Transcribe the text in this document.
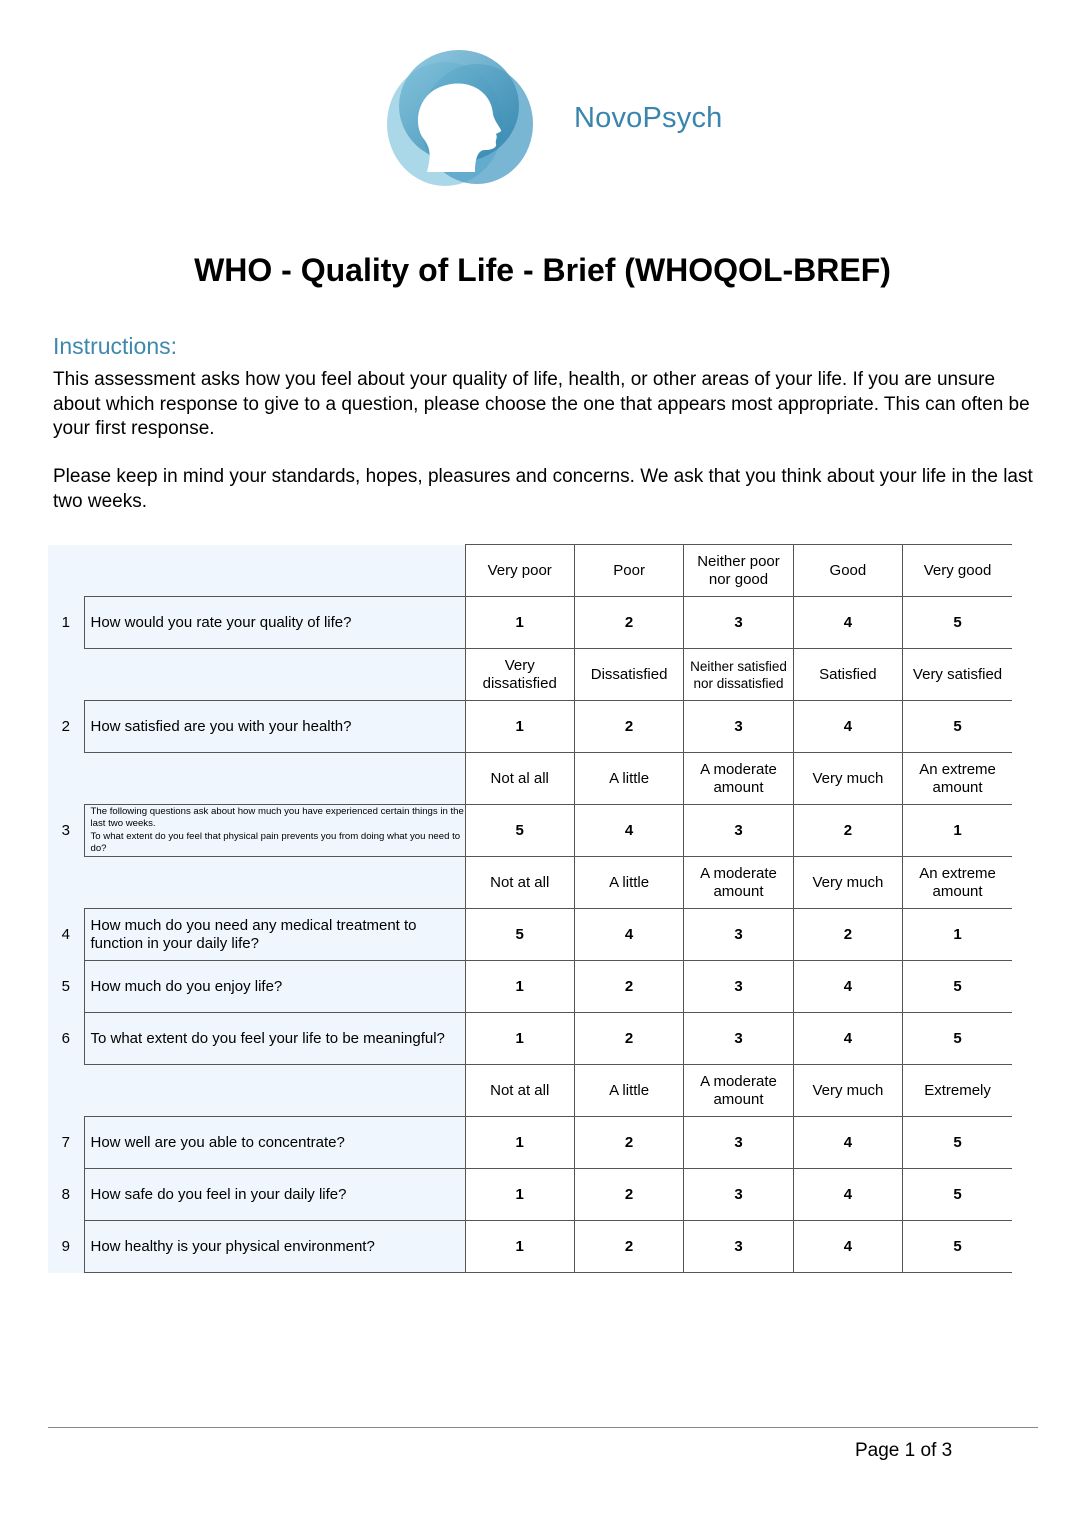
NovoPsych
WHO - Quality of Life - Brief (WHOQOL-BREF)
Instructions:

This assessment asks how you feel about your quality of life, health, or other areas of your life. If you are unsure about which response to give to a question, please choose the one that appears most appropriate. This can often be your first response.

Please keep in mind your standards, hopes, pleasures and concerns. We ask that you think about your life in the last two weeks.

		Very poor	Poor	Neither poor nor good	Good	Very good
1	How would you rate your quality of life?	1	2	3	4	5
		Very dissatisfied	Dissatisfied	Neither satisfied nor dissatisfied	Satisfied	Very satisfied
2	How satisfied are you with your health?	1	2	3	4	5
		Not al all	A little	A moderate amount	Very much	An extreme amount
3	The following questions ask about how much you have experienced certain things in the last two weeks.
To what extent do you feel that physical pain prevents you from doing what you need to do?	5	4	3	2	1
		Not at all	A little	A moderate amount	Very much	An extreme amount
4	How much do you need any medical treatment to function in your daily life?	5	4	3	2	1
5	How much do you enjoy life?	1	2	3	4	5
6	To what extent do you feel your life to be meaningful?	1	2	3	4	5
		Not at all	A little	A moderate amount	Very much	Extremely
7	How well are you able to concentrate?	1	2	3	4	5
8	How safe do you feel in your daily life?	1	2	3	4	5
9	How healthy is your physical environment?	1	2	3	4	5
Page 1 of 3
